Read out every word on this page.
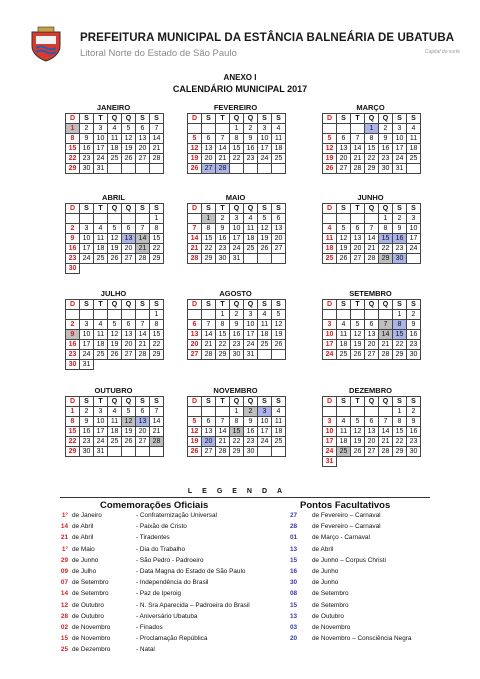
PREFEITURA MUNICIPAL DA ESTÂNCIA BALNEÁRIA DE UBATUBA
Litoral Norte do Estado de São Paulo	Capital do surfe
ANEXO I
CALENDÁRIO MUNICIPAL 2017
JANEIRO
D	S	T	Q	Q	S	S
1	2	3	4	5	6	7
8	9	10	11	12	13	14
15	16	17	18	19	20	21
22	23	24	25	26	27	28
29	30	31				
FEVEREIRO
D	S	T	Q	Q	S	S
			1	2	3	4
5	6	7	8	9	10	11
12	13	14	15	16	17	18
19	20	21	22	23	24	25
26	27	28				
MARÇO
D	S	T	Q	Q	S	S
			1	2	3	4
5	6	7	8	9	10	11
12	13	14	15	16	17	18
19	20	21	22	23	24	25
26	27	28	29	30	31	
ABRIL
D	S	T	Q	Q	S	S
						1
2	3	4	5	6	7	8
9	10	11	12	13	14	15
16	17	18	19	20	21	22
23	24	25	26	27	28	29
30						
MAIO
D	S	T	Q	Q	S	S
	1	2	3	4	5	6
7	8	9	10	11	12	13
14	15	16	17	18	19	20
21	22	23	24	25	26	27
28	29	30	31			
JUNHO
D	S	T	Q	Q	S	S
				1	2	3
4	5	6	7	8	9	10
11	12	13	14	15	16	17
18	19	20	21	22	23	24
25	26	27	28	29	30	
JULHO
D	S	T	Q	Q	S	S
						1
2	3	4	5	6	7	8
9	10	11	12	13	14	15
16	17	18	19	20	21	22
23	24	25	26	27	28	29
30	31					
AGOSTO
D	S	T	Q	Q	S	S
		1	2	3	4	5
6	7	8	9	10	11	12
13	14	15	16	17	18	19
20	21	22	23	24	25	26
27	28	29	30	31		
SETEMBRO
D	S	T	Q	Q	S	S
					1	2
3	4	5	6	7	8	9
10	11	12	13	14	15	16
17	18	19	20	21	22	23
24	25	26	27	28	29	30
OUTUBRO
D	S	T	Q	Q	S	S
1	2	3	4	5	6	7
8	9	10	11	12	13	14
15	16	17	18	19	20	21
22	23	24	25	26	27	28
29	30	31				
NOVEMBRO
D	S	T	Q	Q	S	S
			1	2	3	4
5	6	7	8	9	10	11
12	13	14	15	16	17	18
19	20	21	22	23	24	25
26	27	28	29	30		
DEZEMBRO
D	S	T	Q	Q	S	S
					1	2
3	4	5	6	7	8	9
10	11	12	13	14	15	16
17	18	19	20	21	22	23
24	25	26	27	28	29	30
31						
LEGENDA
Comemorações Oficiais	Pontos Facultativos
1° de Janeiro	- Confraternização Universal
14 de Abril	- Paixão de Cristo
21 de Abril	- Tiradentes
1° de Maio	- Dia do Trabalho
29 de Junho	- São Pedro - Padroeiro
09 de Julho	- Data Magna do Estado de São Paulo
07 de Setembro	- Independência do Brasil
14 de Setembro	- Paz de Iperoig
12 de Outubro	- N. Sra Aparecida – Padroeira do Brasil
28 de Outubro	- Aniversário Ubatuba
02 de Novembro	- Finados
15 de Novembro	- Proclamação República
25 de Dezembro	- Natal
27 de Fevereiro – Carnaval
28 de Fevereiro – Carnaval
01 de Março - Carnaval
13 de Abril
15 de Junho – Corpus Christi
16 de Junho
30 de Junho
08 de Setembro
15 de Setembro
13 de Outubro
03 de Novembro
20 de Novembro – Consciência Negra
